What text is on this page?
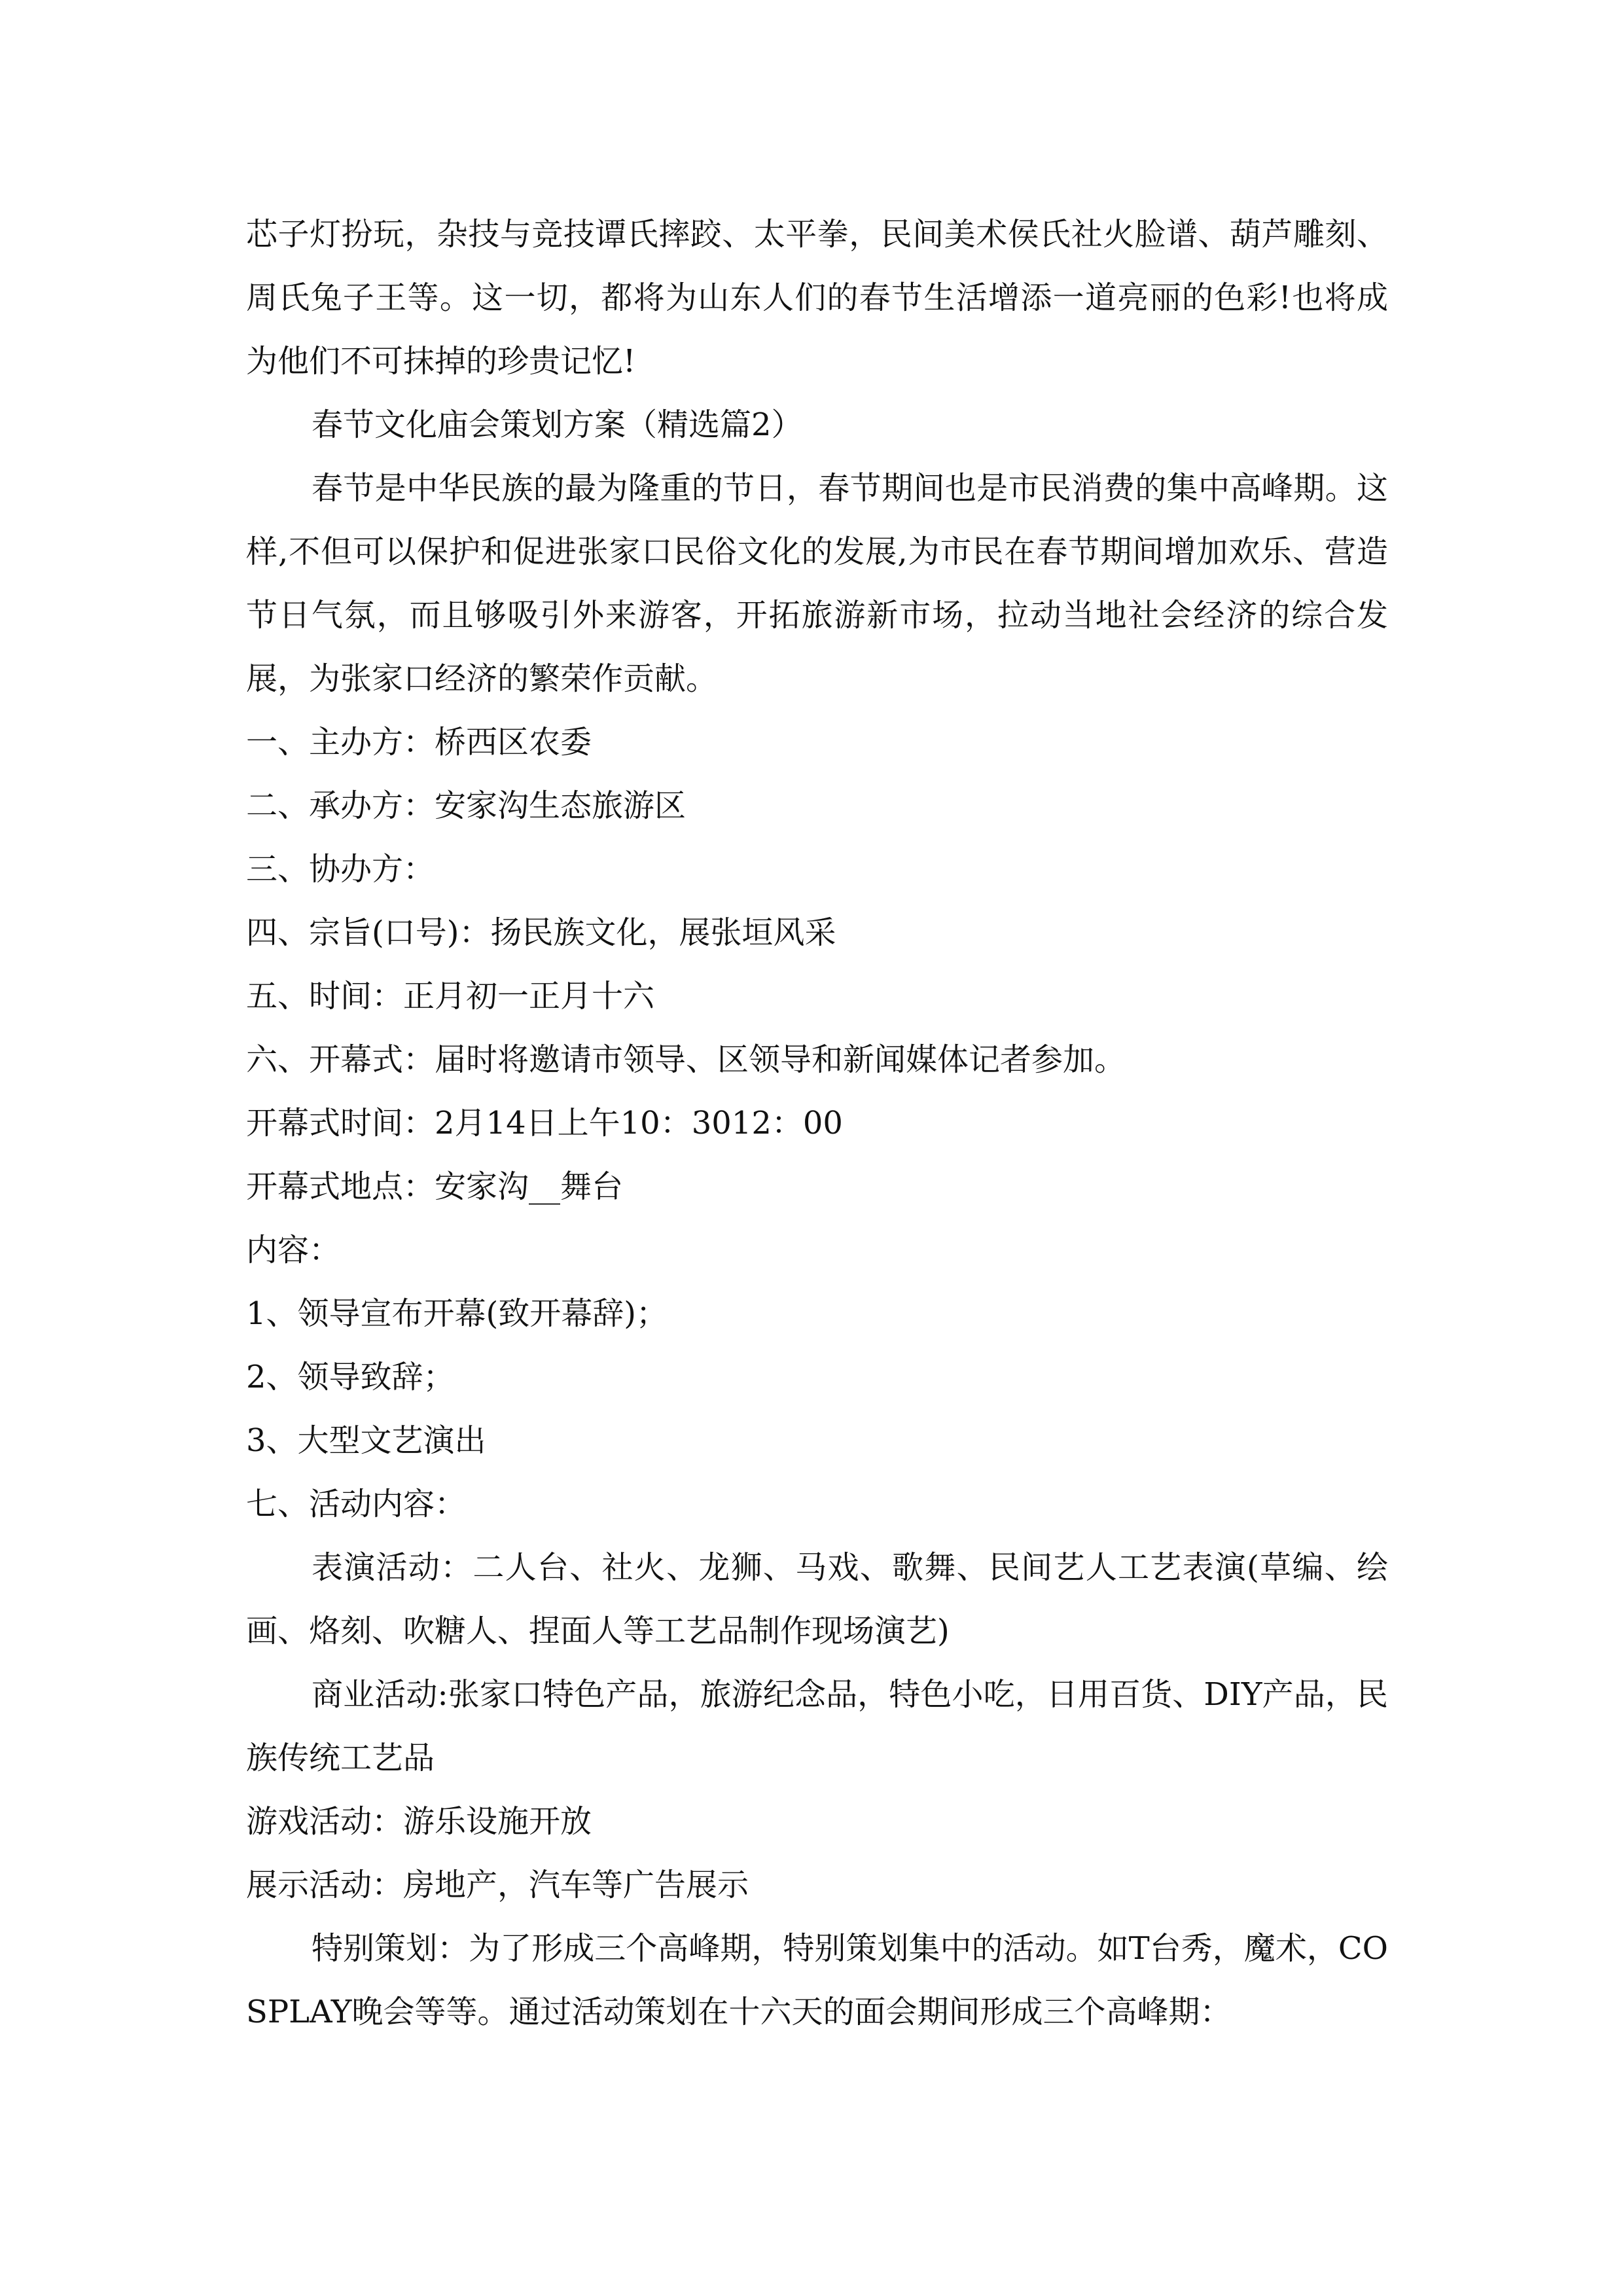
芯子灯扮玩，杂技与竞技谭氏摔跤、太平拳，民间美术侯氏社火脸谱、葫芦雕刻、周氏兔子王等。这一切，都将为山东人们的春节生活增添一道亮丽的色彩!也将成为他们不可抹掉的珍贵记忆!

春节文化庙会策划方案（精选篇2）

春节是中华民族的最为隆重的节日，春节期间也是市民消费的集中高峰期。这样,不但可以保护和促进张家口民俗文化的发展,为市民在春节期间增加欢乐、营造节日气氛，而且够吸引外来游客，开拓旅游新市场，拉动当地社会经济的综合发展，为张家口经济的繁荣作贡献。

一、主办方：桥西区农委

二、承办方：安家沟生态旅游区

三、协办方：

四、宗旨(口号)：扬民族文化，展张垣风采

五、时间：正月初一正月十六

六、开幕式：届时将邀请市领导、区领导和新闻媒体记者参加。

开幕式时间：2月14日上午10：3012：00

开幕式地点：安家沟__舞台

内容：

1、领导宣布开幕(致开幕辞)；

2、领导致辞；

3、大型文艺演出

七、活动内容：

表演活动：二人台、社火、龙狮、马戏、歌舞、民间艺人工艺表演(草编、绘画、烙刻、吹糖人、捏面人等工艺品制作现场演艺)

商业活动:张家口特色产品，旅游纪念品，特色小吃，日用百货、DIY产品，民族传统工艺品

游戏活动：游乐设施开放

展示活动：房地产，汽车等广告展示

特别策划：为了形成三个高峰期，特别策划集中的活动。如T台秀，魔术，COSPLAY晚会等等。通过活动策划在十六天的面会期间形成三个高峰期：
